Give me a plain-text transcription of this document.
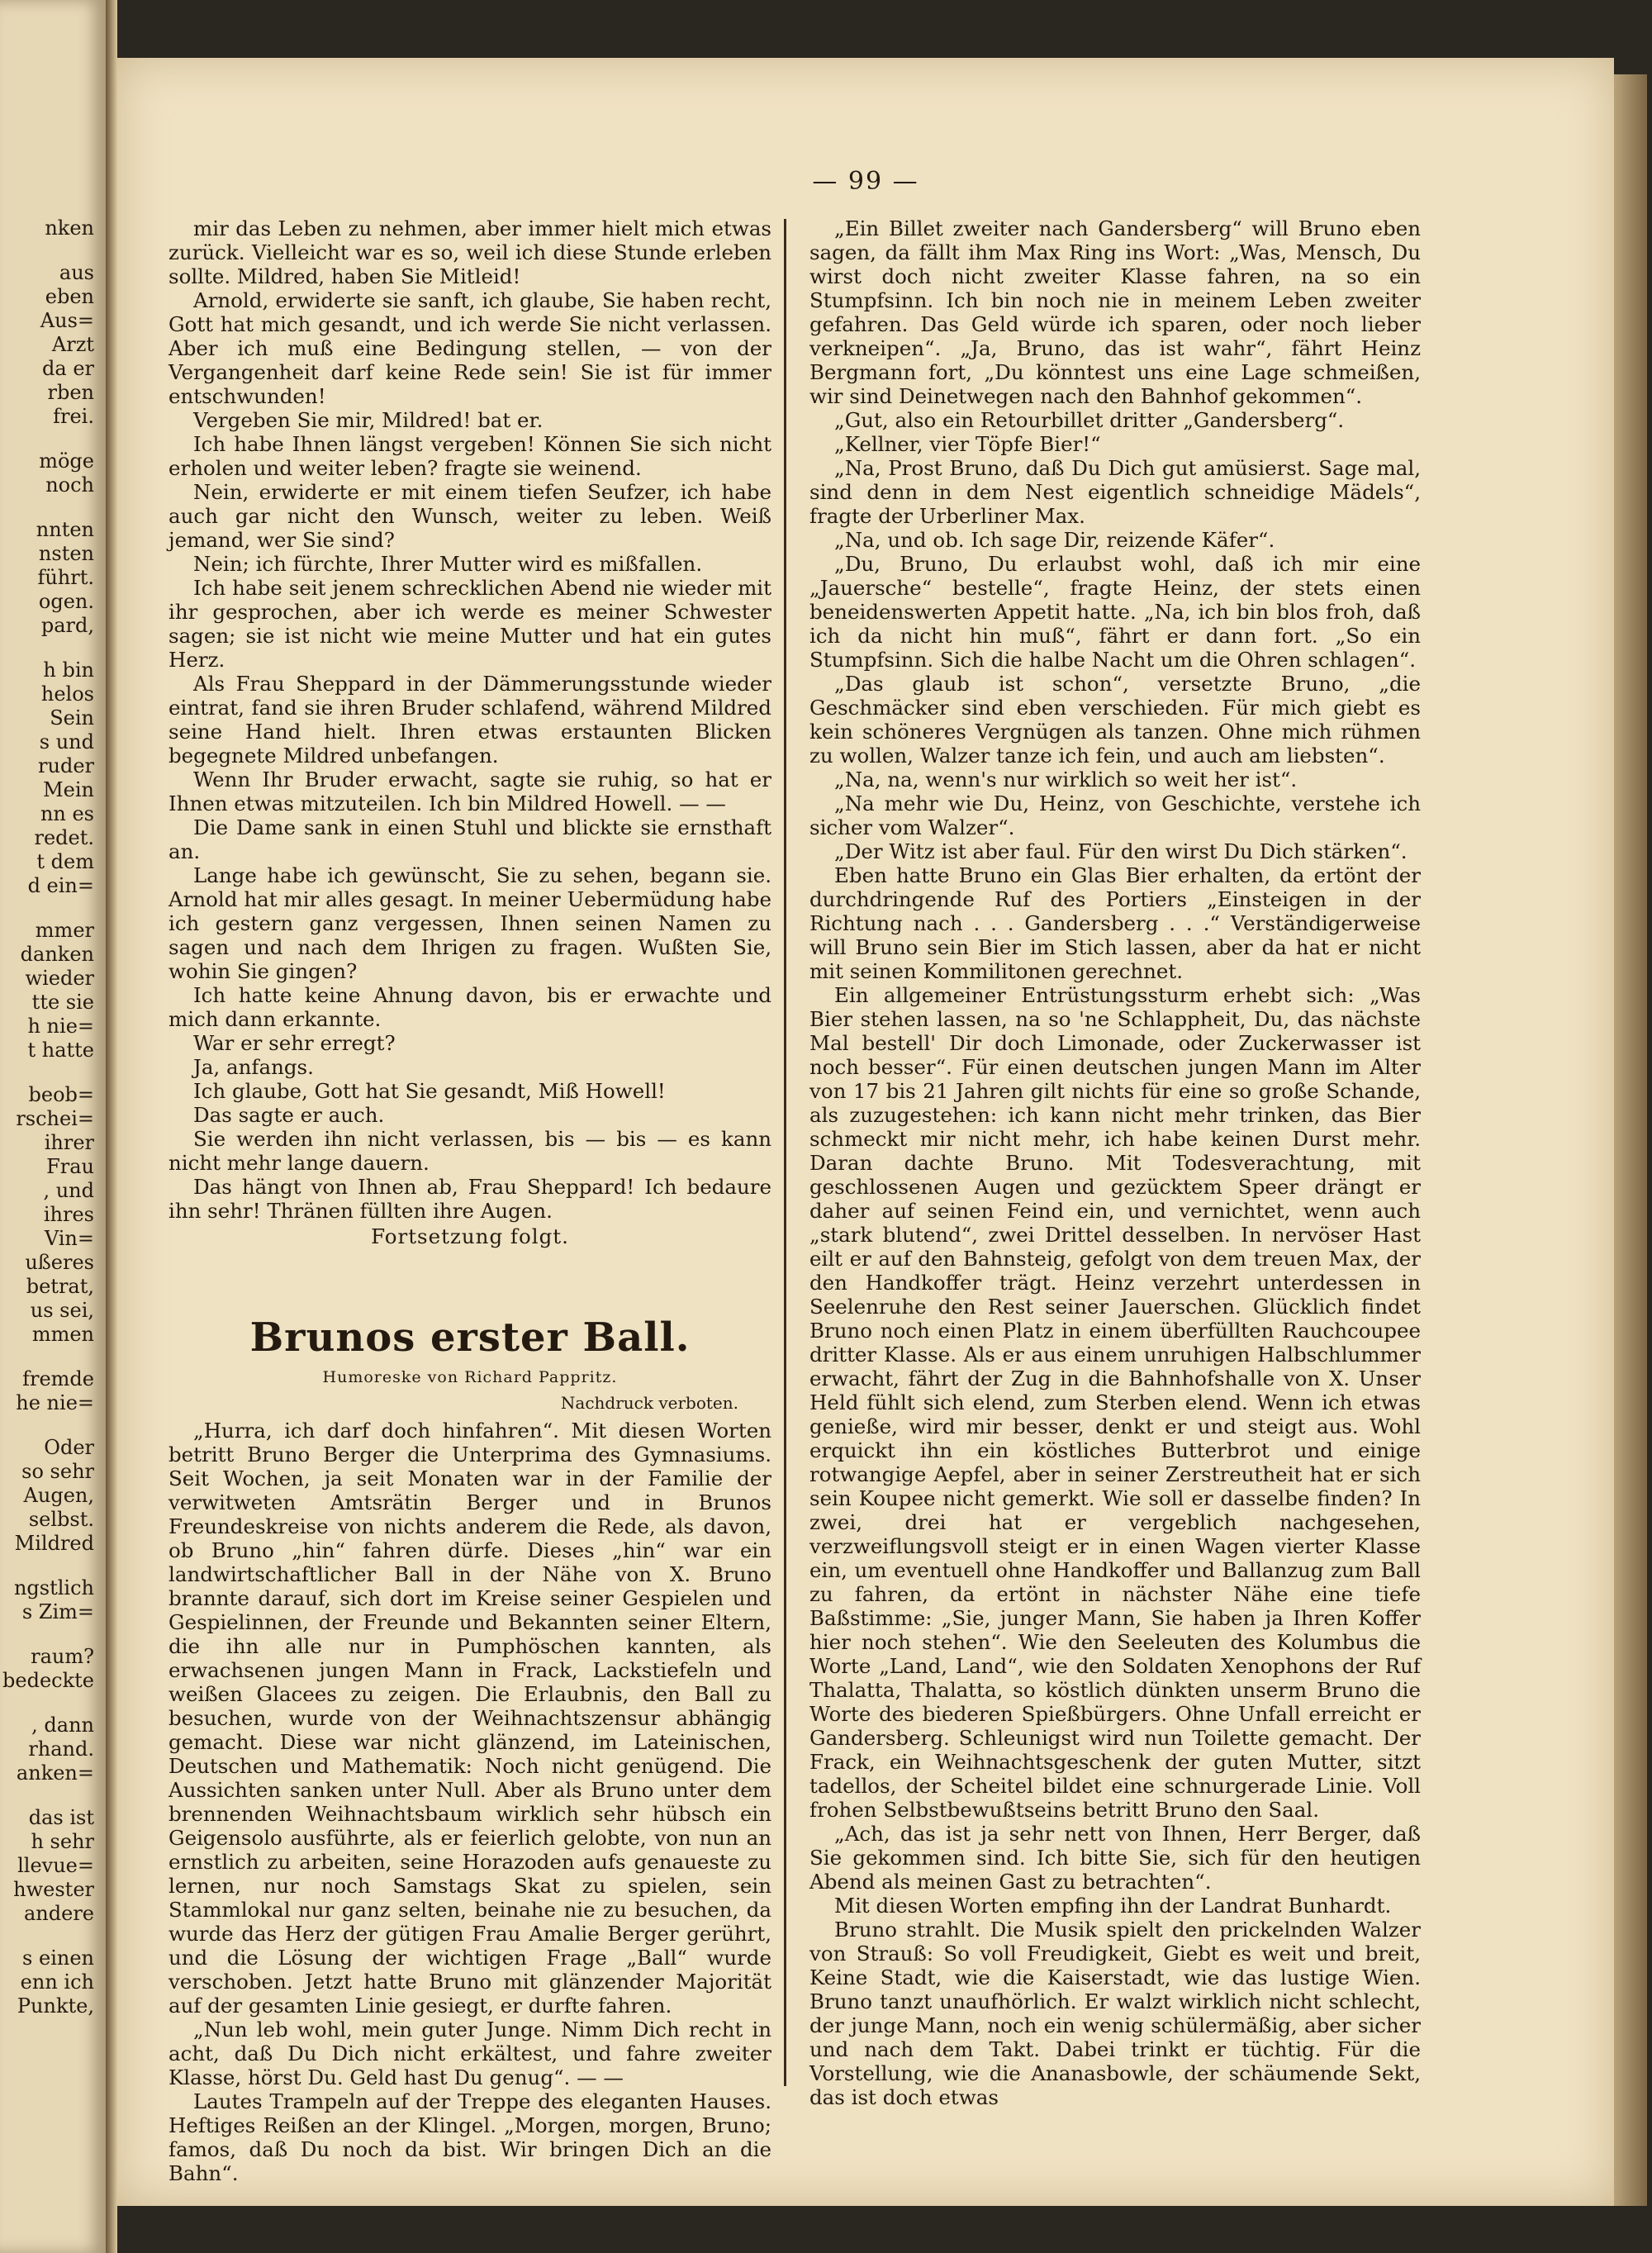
nken
aus
eben
Aus=
Arzt
da er
rben
frei.
möge
noch
nnten
nsten
führt.
ogen.
pard,
h bin
helos
Sein
s und
ruder
Mein
nn es
redet.
t dem
d ein=
mmer
danken
wieder
tte sie
h nie=
t hatte
beob=
rschei=
ihrer
Frau
, und
ihres
Vin=
ußeres
betrat,
us sei,
mmen
fremde
he nie=
Oder
so sehr
Augen,
selbst.
Mildred
ngstlich
s Zim=
raum?
bedeckte
, dann
rhand.
anken=
das ist
h sehr
llevue=
hwester
andere
s einen
enn ich
Punkte,
— 99 —

mir das Leben zu nehmen, aber immer hielt mich etwas zurück. Vielleicht war es so, weil ich diese Stunde erleben sollte. Mildred, haben Sie Mitleid!

Arnold, erwiderte sie sanft, ich glaube, Sie haben recht, Gott hat mich gesandt, und ich werde Sie nicht verlassen. Aber ich muß eine Bedingung stellen, — von der Vergangenheit darf keine Rede sein! Sie ist für immer entschwunden!

Vergeben Sie mir, Mildred! bat er.

Ich habe Ihnen längst vergeben! Können Sie sich nicht erholen und weiter leben? fragte sie weinend.

Nein, erwiderte er mit einem tiefen Seufzer, ich habe auch gar nicht den Wunsch, weiter zu leben. Weiß jemand, wer Sie sind?

Nein; ich fürchte, Ihrer Mutter wird es mißfallen.

Ich habe seit jenem schrecklichen Abend nie wieder mit ihr gesprochen, aber ich werde es meiner Schwester sagen; sie ist nicht wie meine Mutter und hat ein gutes Herz.

Als Frau Sheppard in der Dämmerungsstunde wieder eintrat, fand sie ihren Bruder schlafend, während Mildred seine Hand hielt. Ihren etwas erstaunten Blicken begegnete Mildred unbefangen.

Wenn Ihr Bruder erwacht, sagte sie ruhig, so hat er Ihnen etwas mitzuteilen. Ich bin Mildred Howell. — —

Die Dame sank in einen Stuhl und blickte sie ernsthaft an.

Lange habe ich gewünscht, Sie zu sehen, begann sie. Arnold hat mir alles gesagt. In meiner Uebermüdung habe ich gestern ganz vergessen, Ihnen seinen Namen zu sagen und nach dem Ihrigen zu fragen. Wußten Sie, wohin Sie gingen?

Ich hatte keine Ahnung davon, bis er erwachte und mich dann erkannte.

War er sehr erregt?

Ja, anfangs.

Ich glaube, Gott hat Sie gesandt, Miß Howell!

Das sagte er auch.

Sie werden ihn nicht verlassen, bis — bis — es kann nicht mehr lange dauern.

Das hängt von Ihnen ab, Frau Sheppard! Ich bedaure ihn sehr! Thränen füllten ihre Augen.

Fortsetzung folgt.

Brunos erster Ball.

Humoreske von Richard Pappritz.

Nachdruck verboten.

„Hurra, ich darf doch hinfahren“. Mit diesen Worten betritt Bruno Berger die Unterprima des Gymnasiums. Seit Wochen, ja seit Monaten war in der Familie der verwitweten Amtsrätin Berger und in Brunos Freundeskreise von nichts anderem die Rede, als davon, ob Bruno „hin“ fahren dürfe. Dieses „hin“ war ein landwirtschaftlicher Ball in der Nähe von X. Bruno brannte darauf, sich dort im Kreise seiner Gespielen und Gespielinnen, der Freunde und Bekannten seiner Eltern, die ihn alle nur in Pumphöschen kannten, als erwachsenen jungen Mann in Frack, Lackstiefeln und weißen Glacees zu zeigen. Die Erlaubnis, den Ball zu besuchen, wurde von der Weihnachtszensur abhängig gemacht. Diese war nicht glänzend, im Lateinischen, Deutschen und Mathematik: Noch nicht genügend. Die Aussichten sanken unter Null. Aber als Bruno unter dem brennenden Weihnachtsbaum wirklich sehr hübsch ein Geigensolo ausführte, als er feierlich gelobte, von nun an ernstlich zu arbeiten, seine Horazoden aufs genaueste zu lernen, nur noch Samstags Skat zu spielen, sein Stammlokal nur ganz selten, beinahe nie zu besuchen, da wurde das Herz der gütigen Frau Amalie Berger gerührt, und die Lösung der wichtigen Frage „Ball“ wurde verschoben. Jetzt hatte Bruno mit glänzender Majorität auf der gesamten Linie gesiegt, er durfte fahren.

„Nun leb wohl, mein guter Junge. Nimm Dich recht in acht, daß Du Dich nicht erkältest, und fahre zweiter Klasse, hörst Du. Geld hast Du genug“. — —

Lautes Trampeln auf der Treppe des eleganten Hauses. Heftiges Reißen an der Klingel. „Morgen, morgen, Bruno; famos, daß Du noch da bist. Wir bringen Dich an die Bahn“.

„Ein Billet zweiter nach Gandersberg“ will Bruno eben sagen, da fällt ihm Max Ring ins Wort: „Was, Mensch, Du wirst doch nicht zweiter Klasse fahren, na so ein Stumpfsinn. Ich bin noch nie in meinem Leben zweiter gefahren. Das Geld würde ich sparen, oder noch lieber verkneipen“. „Ja, Bruno, das ist wahr“, fährt Heinz Bergmann fort, „Du könntest uns eine Lage schmeißen, wir sind Deinetwegen nach den Bahnhof gekommen“.

„Gut, also ein Retourbillet dritter „Gandersberg“.

„Kellner, vier Töpfe Bier!“

„Na, Prost Bruno, daß Du Dich gut amüsierst. Sage mal, sind denn in dem Nest eigentlich schneidige Mädels“, fragte der Urberliner Max.

„Na, und ob. Ich sage Dir, reizende Käfer“.

„Du, Bruno, Du erlaubst wohl, daß ich mir eine „Jauersche“ bestelle“, fragte Heinz, der stets einen beneidenswerten Appetit hatte. „Na, ich bin blos froh, daß ich da nicht hin muß“, fährt er dann fort. „So ein Stumpfsinn. Sich die halbe Nacht um die Ohren schlagen“.

„Das glaub ist schon“, versetzte Bruno, „die Geschmäcker sind eben verschieden. Für mich giebt es kein schöneres Vergnügen als tanzen. Ohne mich rühmen zu wollen, Walzer tanze ich fein, und auch am liebsten“.

„Na, na, wenn's nur wirklich so weit her ist“.

„Na mehr wie Du, Heinz, von Geschichte, verstehe ich sicher vom Walzer“.

„Der Witz ist aber faul. Für den wirst Du Dich stärken“.

Eben hatte Bruno ein Glas Bier erhalten, da ertönt der durchdringende Ruf des Portiers „Einsteigen in der Richtung nach . . . Gandersberg . . .“ Verständigerweise will Bruno sein Bier im Stich lassen, aber da hat er nicht mit seinen Kommilitonen gerechnet.

Ein allgemeiner Entrüstungssturm erhebt sich: „Was Bier stehen lassen, na so 'ne Schlappheit, Du, das nächste Mal bestell' Dir doch Limonade, oder Zuckerwasser ist noch besser“. Für einen deutschen jungen Mann im Alter von 17 bis 21 Jahren gilt nichts für eine so große Schande, als zuzugestehen: ich kann nicht mehr trinken, das Bier schmeckt mir nicht mehr, ich habe keinen Durst mehr. Daran dachte Bruno. Mit Todesverachtung, mit geschlossenen Augen und gezücktem Speer drängt er daher auf seinen Feind ein, und vernichtet, wenn auch „stark blutend“, zwei Drittel desselben. In nervöser Hast eilt er auf den Bahnsteig, gefolgt von dem treuen Max, der den Handkoffer trägt. Heinz verzehrt unterdessen in Seelenruhe den Rest seiner Jauerschen. Glücklich findet Bruno noch einen Platz in einem überfüllten Rauchcoupee dritter Klasse. Als er aus einem unruhigen Halbschlummer erwacht, fährt der Zug in die Bahnhofshalle von X. Unser Held fühlt sich elend, zum Sterben elend. Wenn ich etwas genieße, wird mir besser, denkt er und steigt aus. Wohl erquickt ihn ein köstliches Butterbrot und einige rotwangige Aepfel, aber in seiner Zerstreutheit hat er sich sein Koupee nicht gemerkt. Wie soll er dasselbe finden? In zwei, drei hat er vergeblich nachgesehen, verzweiflungsvoll steigt er in einen Wagen vierter Klasse ein, um eventuell ohne Handkoffer und Ballanzug zum Ball zu fahren, da ertönt in nächster Nähe eine tiefe Baßstimme: „Sie, junger Mann, Sie haben ja Ihren Koffer hier noch stehen“. Wie den Seeleuten des Kolumbus die Worte „Land, Land“, wie den Soldaten Xenophons der Ruf Thalatta, Thalatta, so köstlich dünkten unserm Bruno die Worte des biederen Spießbürgers. Ohne Unfall erreicht er Gandersberg. Schleunigst wird nun Toilette gemacht. Der Frack, ein Weihnachtsgeschenk der guten Mutter, sitzt tadellos, der Scheitel bildet eine schnurgerade Linie. Voll frohen Selbstbewußtseins betritt Bruno den Saal.

„Ach, das ist ja sehr nett von Ihnen, Herr Berger, daß Sie gekommen sind. Ich bitte Sie, sich für den heutigen Abend als meinen Gast zu betrachten“.

Mit diesen Worten empfing ihn der Landrat Bunhardt.

Bruno strahlt. Die Musik spielt den prickelnden Walzer von Strauß: So voll Freudigkeit, Giebt es weit und breit, Keine Stadt, wie die Kaiserstadt, wie das lustige Wien. Bruno tanzt unaufhörlich. Er walzt wirklich nicht schlecht, der junge Mann, noch ein wenig schülermäßig, aber sicher und nach dem Takt. Dabei trinkt er tüchtig. Für die Vorstellung, wie die Ananasbowle, der schäumende Sekt, das ist doch etwas
